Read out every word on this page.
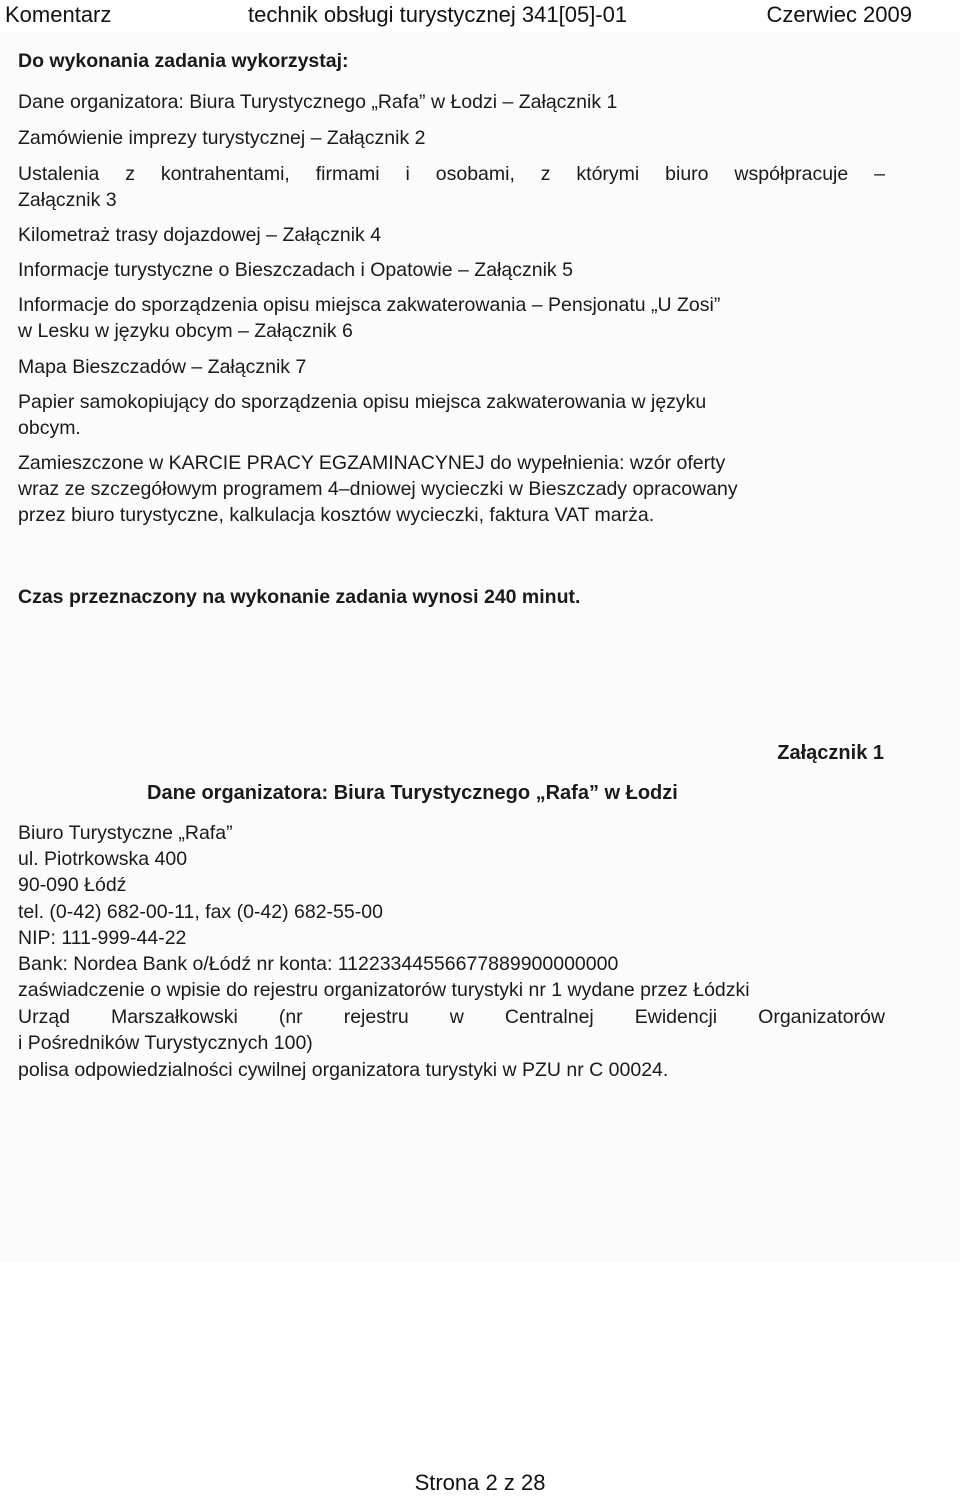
Komentarz	technik obsługi turystycznej 341[05]-01	Czerwiec 2009
Do wykonania zadania wykorzystaj:
Dane organizatora: Biura Turystycznego „Rafa” w Łodzi – Załącznik 1
Zamówienie imprezy turystycznej – Załącznik 2
Ustalenia z kontrahentami, firmami i osobami, z którymi biuro współpracuje –
Załącznik 3
Kilometraż trasy dojazdowej – Załącznik 4
Informacje turystyczne o Bieszczadach i Opatowie – Załącznik 5
Informacje do sporządzenia opisu miejsca zakwaterowania – Pensjonatu „U Zosi”
w Lesku w języku obcym – Załącznik 6
Mapa Bieszczadów – Załącznik 7
Papier samokopiujący do sporządzenia opisu miejsca zakwaterowania w języku
obcym.
Zamieszczone w KARCIE PRACY EGZAMINACYNEJ do wypełnienia: wzór oferty
wraz ze szczegółowym programem 4–dniowej wycieczki w Bieszczady opracowany
przez biuro turystyczne, kalkulacja kosztów wycieczki, faktura VAT marża.
Czas przeznaczony na wykonanie zadania wynosi 240 minut.
Załącznik 1
Dane organizatora: Biura Turystycznego „Rafa” w Łodzi
Biuro Turystyczne „Rafa”
ul. Piotrkowska 400
90-090 Łódź
tel. (0-42) 682-00-11, fax (0-42) 682-55-00
NIP: 111-999-44-22
Bank: Nordea Bank o/Łódź nr konta: 11223344556677889900000000
zaświadczenie o wpisie do rejestru organizatorów turystyki nr 1 wydane przez Łódzki
Urząd Marszałkowski (nr rejestru w Centralnej Ewidencji Organizatorów
i Pośredników Turystycznych 100)
polisa odpowiedzialności cywilnej organizatora turystyki w PZU nr C 00024.
Strona 2 z 28
